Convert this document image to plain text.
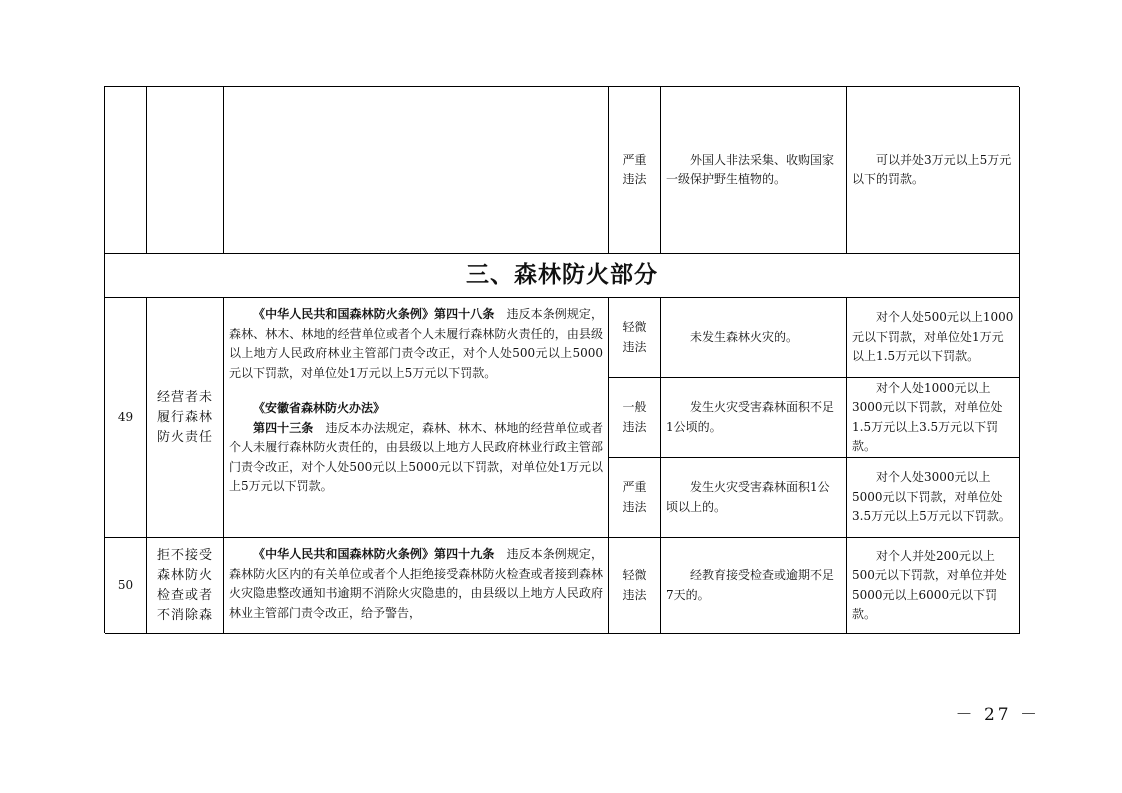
严重违法
外国人非法采集、收购国家一级保护野生植物的。
可以并处3万元以上5万元以下的罚款。
三、森林防火部分
49
经营者未履行森林防火责任

《中华人民共和国森林防火条例》第四十八条　 违反本条例规定，森林、林木、林地的经营单位或者个人未履行森林防火责任的，由县级以上地方人民政府林业主管部门责令改正，对个人处500元以上5000元以下罚款，对单位处1万元以上5万元以下罚款。

《安徽省森林防火办法》

第四十三条　 违反本办法规定，森林、林木、林地的经营单位或者个人未履行森林防火责任的，由县级以上地方人民政府林业行政主管部门责令改正，对个人处500元以上5000元以下罚款，对单位处1万元以上5万元以下罚款。

轻微违法
未发生森林火灾的。
对个人处500元以上1000元以下罚款，对单位处1万元以上1.5万元以下罚款。
一般违法
发生火灾受害森林面积不足1公顷的。
对个人处1000元以上3000元以下罚款，对单位处1.5万元以上3.5万元以下罚款。
严重违法
发生火灾受害森林面积1公顷以上的。
对个人处3000元以上5000元以下罚款，对单位处3.5万元以上5万元以下罚款。
50
拒不接受森林防火检查或者不消除森

《中华人民共和国森林防火条例》第四十九条　 违反本条例规定，森林防火区内的有关单位或者个人拒绝接受森林防火检查或者接到森林火灾隐患整改通知书逾期不消除火灾隐患的，由县级以上地方人民政府林业主管部门责令改正，给予警告，

轻微违法
经教育接受检查或逾期不足7天的。
对个人并处200元以上500元以下罚款，对单位并处5000元以上6000元以下罚款。
－ 27 －
